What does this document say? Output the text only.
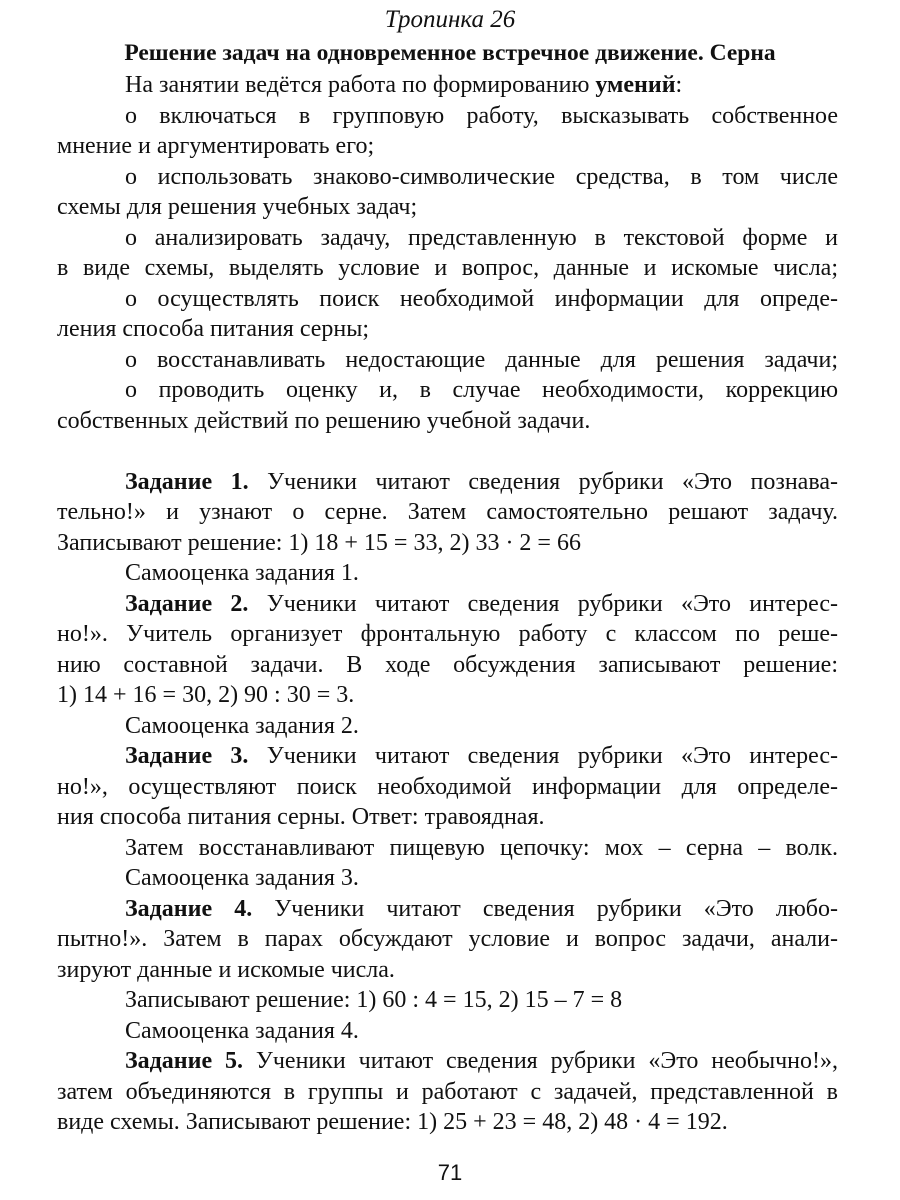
Тропинка 26
Решение задач на одновременное встречное движение. Серна
На занятии ведётся работа по формированию умений:
о включаться в групповую работу, высказывать собственное
мнение и аргументировать его;
о использовать знаково-символические средства, в том числе
схемы для решения учебных задач;
о анализировать задачу, представленную в текстовой форме и
в виде схемы, выделять условие и вопрос, данные и искомые числа;
о осуществлять поиск необходимой информации для опреде-
ления способа питания серны;
о восстанавливать недостающие данные для решения задачи;
о проводить оценку и, в случае необходимости, коррекцию
собственных действий по решению учебной задачи.
Задание 1. Ученики читают сведения рубрики «Это познава-
тельно!» и узнают о серне. Затем самостоятельно решают задачу.
Записывают решение: 1) 18 + 15 = 33, 2) 33 · 2 = 66
Самооценка задания 1.
Задание 2. Ученики читают сведения рубрики «Это интерес-
но!». Учитель организует фронтальную работу с классом по реше-
нию составной задачи. В ходе обсуждения записывают решение:
1) 14 + 16 = 30, 2) 90 : 30 = 3.
Самооценка задания 2.
Задание 3. Ученики читают сведения рубрики «Это интерес-
но!», осуществляют поиск необходимой информации для определе-
ния способа питания серны. Ответ: травоядная.
Затем восстанавливают пищевую цепочку: мох – серна – волк.
Самооценка задания 3.
Задание 4. Ученики читают сведения рубрики «Это любо-
пытно!». Затем в парах обсуждают условие и вопрос задачи, анали-
зируют данные и искомые числа.
Записывают решение: 1) 60 : 4 = 15, 2) 15 – 7 = 8
Самооценка задания 4.
Задание 5. Ученики читают сведения рубрики «Это необычно!»,
затем объединяются в группы и работают с задачей, представленной в
виде схемы. Записывают решение: 1) 25 + 23 = 48, 2) 48 · 4 = 192.
71
